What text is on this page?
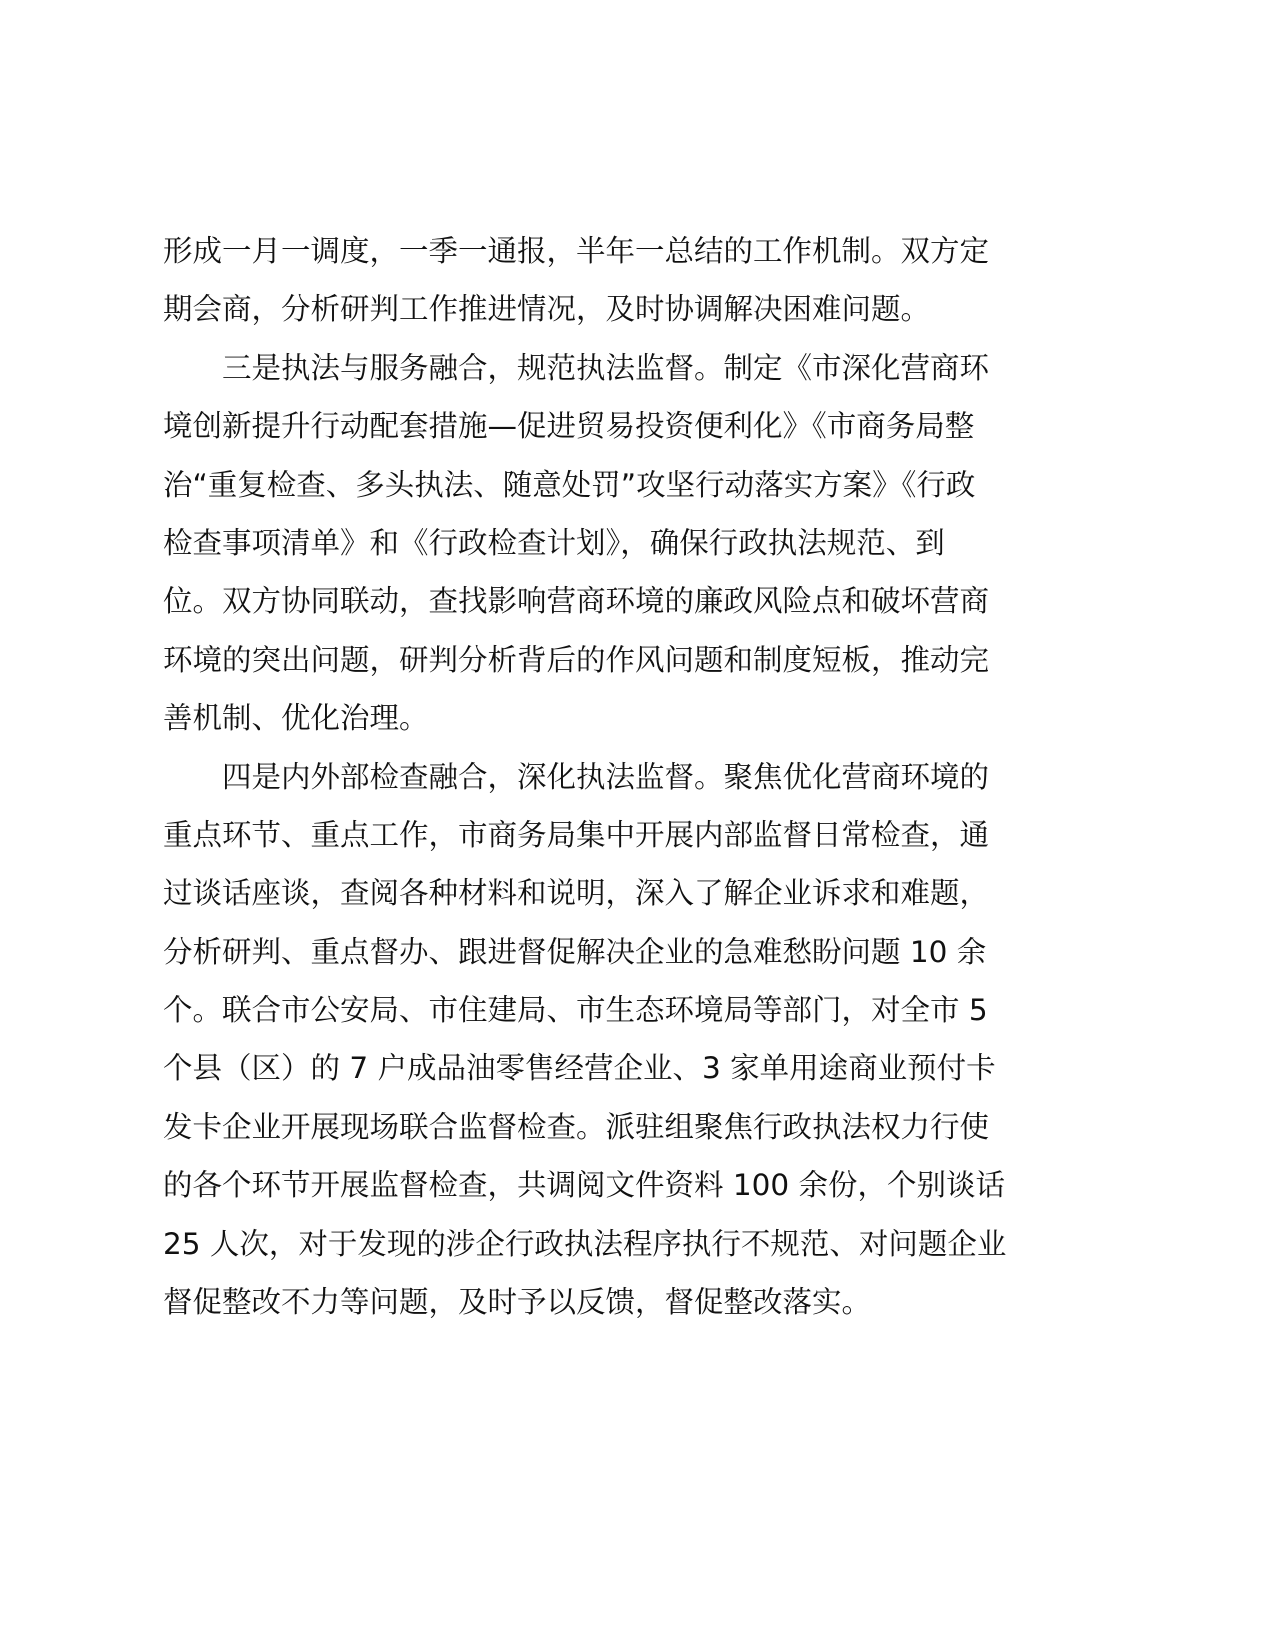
形成一月一调度，一季一通报，半年一总结的工作机制。双方定
期会商，分析研判工作推进情况，及时协调解决困难问题。
　　三是执法与服务融合，规范执法监督。制定《市深化营商环
境创新提升行动配套措施—促进贸易投资便利化》《市商务局整
治“重复检查、多头执法、随意处罚”攻坚行动落实方案》《行政
检查事项清单》和《行政检查计划》，确保行政执法规范、到
位。双方协同联动，查找影响营商环境的廉政风险点和破坏营商
环境的突出问题，研判分析背后的作风问题和制度短板，推动完
善机制、优化治理。
　　四是内外部检查融合，深化执法监督。聚焦优化营商环境的
重点环节、重点工作，市商务局集中开展内部监督日常检查，通
过谈话座谈，查阅各种材料和说明，深入了解企业诉求和难题，
分析研判、重点督办、跟进督促解决企业的急难愁盼问题 10 余
个。联合市公安局、市住建局、市生态环境局等部门，对全市 5
个县（区）的 7 户成品油零售经营企业、3 家单用途商业预付卡
发卡企业开展现场联合监督检查。派驻组聚焦行政执法权力行使
的各个环节开展监督检查，共调阅文件资料 100 余份，个别谈话
25 人次，对于发现的涉企行政执法程序执行不规范、对问题企业
督促整改不力等问题，及时予以反馈，督促整改落实。
